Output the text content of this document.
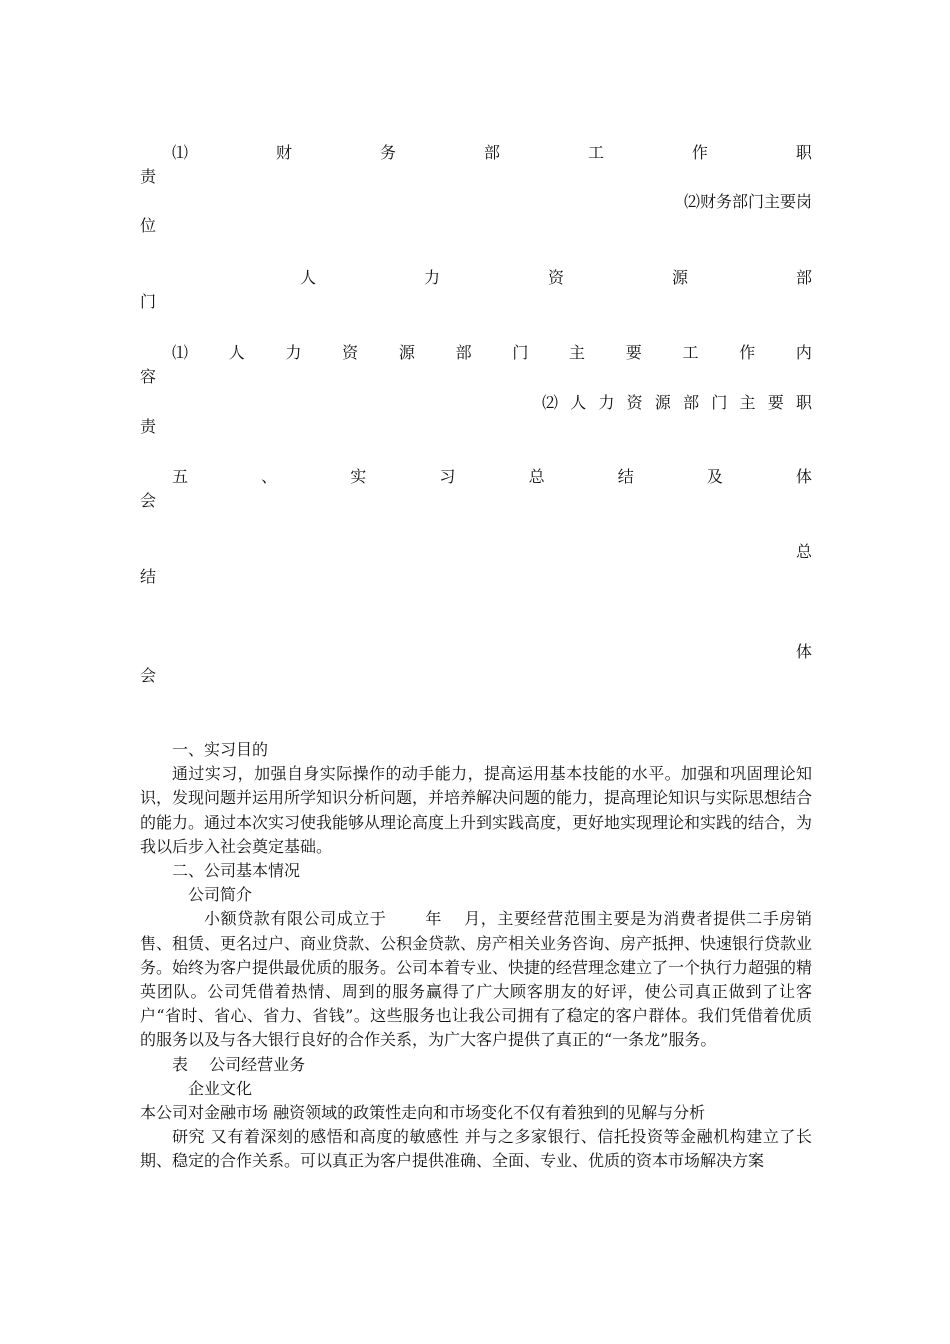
⑴	财	务	部	工	作	职
责
⑵财务部门主要岗
位
人	力	资	源	部
门
⑴	人	力	资	源	部	门	主	要	工	作	内
容
⑵ 人 力 资 源 部 门 主 要 职
责
五	、	实	习	总	结	及	体
会
总
结
体
会

一、实习目的

通过实习，加强自身实际操作的动手能力，提高运用基本技能的水平。加强和巩固理论知识，发现问题并运用所学知识分析问题，并培养解决问题的能力，提高理论知识与实际思想结合的能力。通过本次实习使我能够从理论高度上升到实践高度，更好地实现理论和实践的结合，为我以后步入社会奠定基础。

二、公司基本情况

公司简介

小额贷款有限公司成立于　　 年　 月，主要经营范围主要是为消费者提供二手房销售、租赁、更名过户、商业贷款、公积金贷款、房产相关业务咨询、房产抵押、快速银行贷款业务。始终为客户提供最优质的服务。公司本着专业、快捷的经营理念建立了一个执行力超强的精英团队。公司凭借着热情、周到的服务赢得了广大顾客朋友的好评，使公司真正做到了让客户“省时、省心、省力、省钱”。这些服务也让我公司拥有了稳定的客户群体。我们凭借着优质的服务以及与各大银行良好的合作关系，为广大客户提供了真正的“一条龙”服务。

表　 公司经营业务

企业文化

本公司对金融市场 融资领域的政策性走向和市场变化不仅有着独到的见解与分析

研究 又有着深刻的感悟和高度的敏感性 并与之多家银行、信托投资等金融机构建立了长期、稳定的合作关系。可以真正为客户提供准确、全面、专业、优质的资本市场解决方案
